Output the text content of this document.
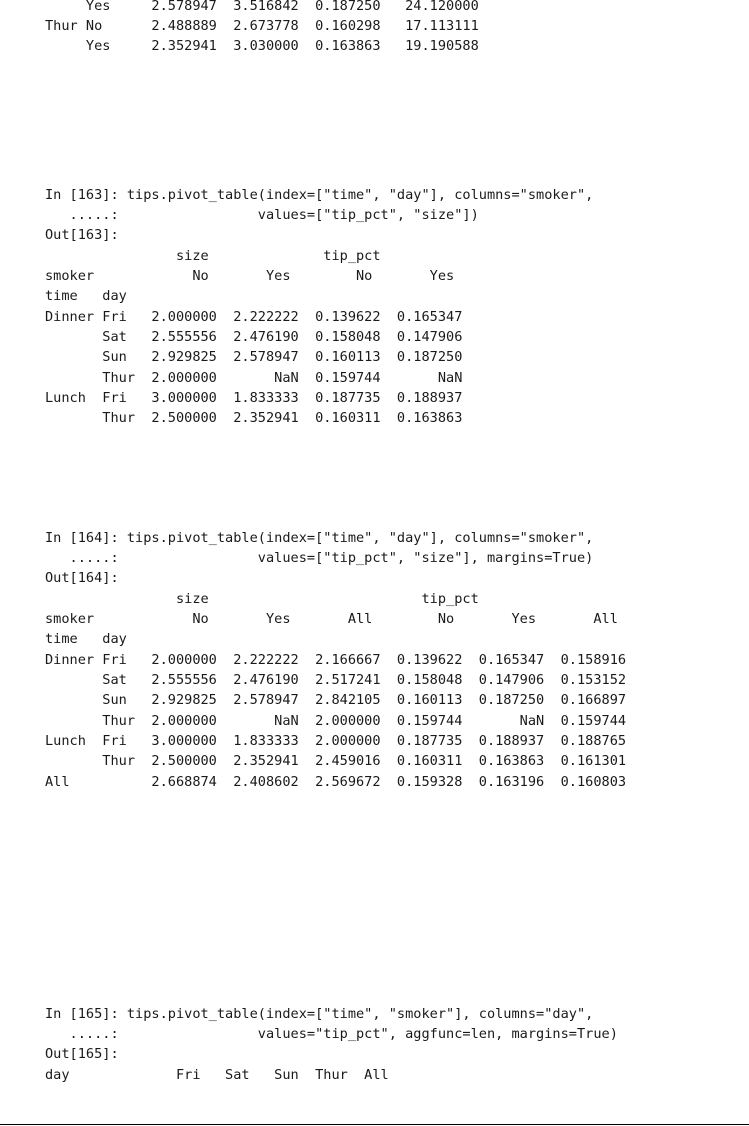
Yes     2.578947  3.516842  0.187250   24.120000
Thur No      2.488889  2.673778  0.160298   17.113111
Yes     2.352941  3.030000  0.163863   19.190588
In [163]: tips.pivot_table(index=["time", "day"], columns="smoker",
.....:                 values=["tip_pct", "size"])
Out[163]:
size              tip_pct
smoker            No       Yes        No       Yes
time   day
Dinner Fri   2.000000  2.222222  0.139622  0.165347
Sat   2.555556  2.476190  0.158048  0.147906
Sun   2.929825  2.578947  0.160113  0.187250
Thur  2.000000       NaN  0.159744       NaN
Lunch  Fri   3.000000  1.833333  0.187735  0.188937
Thur  2.500000  2.352941  0.160311  0.163863
In [164]: tips.pivot_table(index=["time", "day"], columns="smoker",
.....:                 values=["tip_pct", "size"], margins=True)
Out[164]:
size                          tip_pct
smoker            No       Yes       All        No       Yes       All
time   day
Dinner Fri   2.000000  2.222222  2.166667  0.139622  0.165347  0.158916
Sat   2.555556  2.476190  2.517241  0.158048  0.147906  0.153152
Sun   2.929825  2.578947  2.842105  0.160113  0.187250  0.166897
Thur  2.000000       NaN  2.000000  0.159744       NaN  0.159744
Lunch  Fri   3.000000  1.833333  2.000000  0.187735  0.188937  0.188765
Thur  2.500000  2.352941  2.459016  0.160311  0.163863  0.161301
All          2.668874  2.408602  2.569672  0.159328  0.163196  0.160803
In [165]: tips.pivot_table(index=["time", "smoker"], columns="day",
.....:                 values="tip_pct", aggfunc=len, margins=True)
Out[165]:
day             Fri   Sat   Sun  Thur  All
